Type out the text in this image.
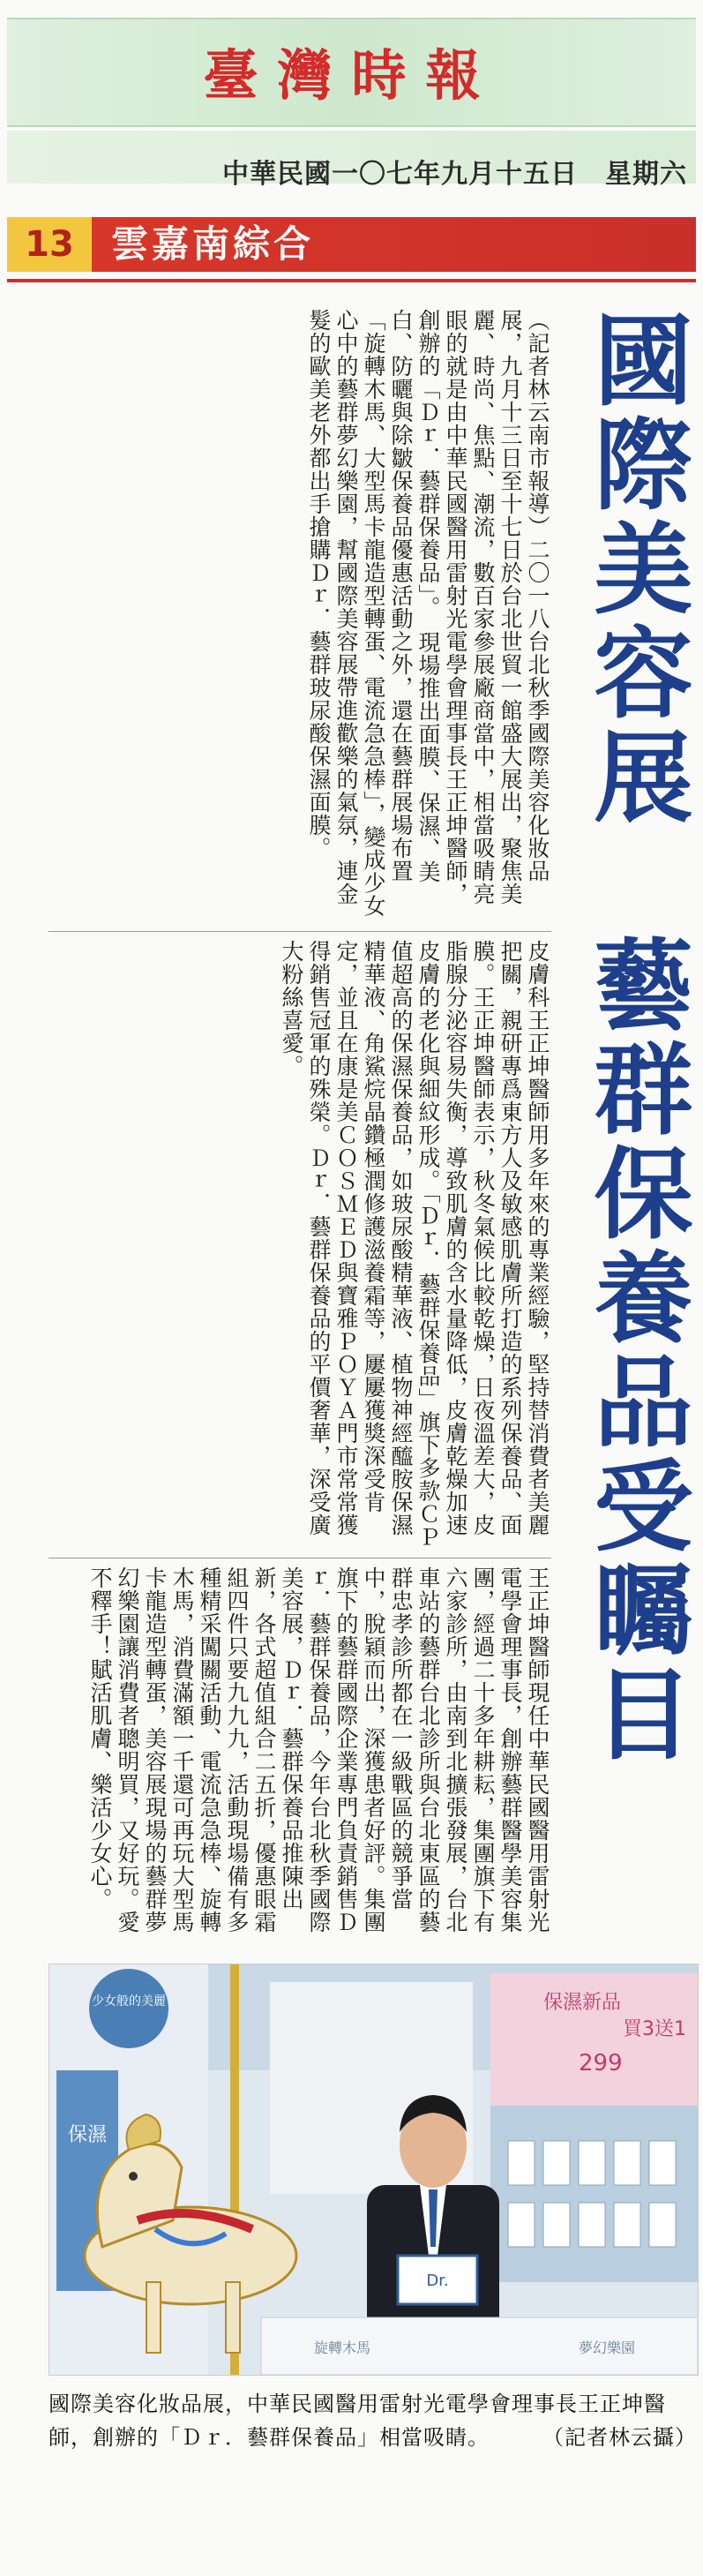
臺灣時報
中華民國一〇七年九月十五日　星期六
13	雲嘉南綜合
國際美容展　藝群保養品受矚目
（記者林云南市報導）二〇一八台北秋季國際美容化妝品展，九月十三日至十七日於台北世貿一館盛大展出，聚焦美麗、時尚、焦點、潮流，數百家參展廠商當中，相當吸睛亮眼的就是由中華民國醫用雷射光電學會理事長王正坤醫師，創辦的「Ｄｒ．藝群保養品」。　現場推出面膜、保濕、美白、防曬與除皺保養品優惠活動之外，還在藝群展場布置「旋轉木馬、大型馬卡龍造型轉蛋、電流急急棒」，變成少女心中的藝群夢幻樂園，幫國際美容展帶進歡樂的氣氛，連金髮的歐美老外都出手搶購Ｄｒ．藝群玻尿酸保濕面膜。
皮膚科王正坤醫師用多年來的專業經驗，堅持替消費者美麗把關，親研專爲東方人及敏感肌膚所打造的系列保養品、面膜。王正坤醫師表示，秋冬氣候比較乾燥，日夜溫差大，皮脂腺分泌容易失衡，導致肌膚的含水量降低，皮膚乾燥加速皮膚的老化與細紋形成。「Ｄｒ．藝群保養品」旗下多款ＣＰ值超高的保濕保養品，如玻尿酸精華液、植物神經醯胺保濕精華液、角鯊烷晶鑽極潤修護滋養霜等，屢屢獲獎深受肯定，並且在康是美ＣＯＳＭＥＤ與寶雅ＰＯＹＡ門市常常獲得銷售冠軍的殊榮。Ｄｒ．藝群保養品的平價奢華，深受廣大粉絲喜愛。
王正坤醫師現任中華民國醫用雷射光電學會理事長，創辦藝群醫學美容集團，經過二十多年耕耘，集團旗下有六家診所，由南到北擴張發展，台北車站的藝群台北診所與台北東區的藝群忠孝診所都在一級戰區的競爭當中，脫穎而出，深獲患者好評。集團旗下的藝群國際企業專門負責銷售Ｄｒ．藝群保養品，今年台北秋季國際美容展，Ｄｒ．藝群保養品推陳出新，各式超值組合二五折，優惠眼霜組四件只要九九九，活動現場備有多種精采闖關活動、電流急急棒、旋轉木馬，消費滿額一千還可再玩大型馬卡龍造型轉蛋，美容展現場的藝群夢幻樂園讓消費者聰明買，又好玩。愛不釋手！賦活肌膚、樂活少女心。
少女般的美麗
保濕
保濕新品
買3送1
299
Dr.
旋轉木馬	夢幻樂園
國際美容化妝品展，中華民國醫用雷射光電學會理事長王正坤醫師，創辦的「Ｄｒ．藝群保養品」相當吸睛。	（記者林云攝）
